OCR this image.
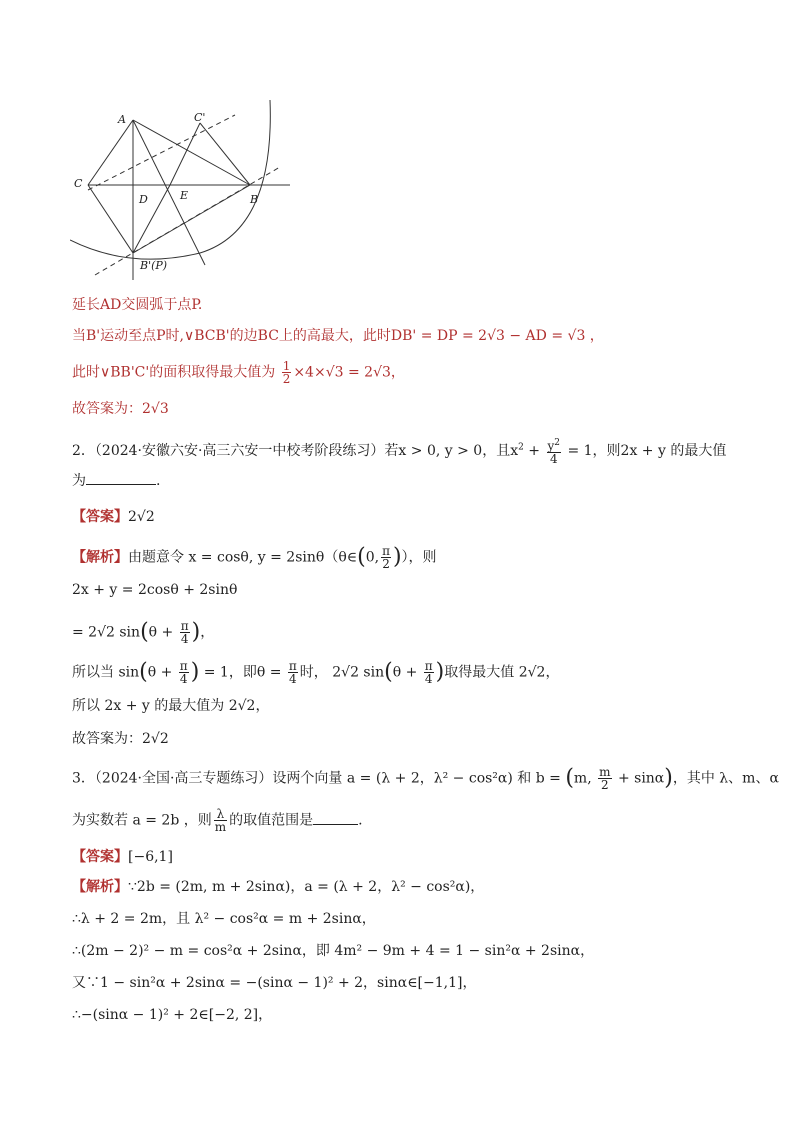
A	C'
C
D	E	B
B'(P)
延长AD交圆弧于点P.
当B'运动至点P时,∨BCB'的边BC上的高最大，此时DB' = DP = 2√3 − AD = √3 ，
此时∨BB'C'的面积取得最大值为 $\frac{1}{2} \times 4\times√3 = 2√3$，
故答案为：2√3
2．（2024·安徽六安·高三六安一中校考阶段练习）若x > 0, y > 0，且$x^2 + \frac{y^2}{4} = 1$，则2x + y 的最大值
为	.
【答案】2√2
【解析】由题意令 x = cosθ, y = 2sinθ（θ∈(0, $\frac{\pi}{2}$ )），则
2x + y = 2cosθ + 2sinθ
= 2√2 $\sin(\theta + \frac{\pi}{4}$ )，
所以当 $\sin(\theta + \frac{\pi}{4}$ ) = 1，即$\theta = \frac{\pi}{4}$ 时， 2√2 $\sin(\theta + \frac{\pi}{4}$ )取得最大值 2√2，
所以 2x + y 的最大值为 2√2，
故答案为：2√2
3．（2024·全国·高三专题练习）设两个向量 a = (λ + 2，λ² − cos²α) 和 b = (m, $\frac{m}{2} + \sin\alpha$)，其中 λ、m、α
为实数若 a = 2b ，则 $\frac{\lambda}{m}$ 的取值范围是	.
【答案】[−6,1]
【解析】∵2b = (2m, m + 2sinα)，a = (λ + 2，λ² − cos²α)，
∴λ + 2 = 2m，且 λ² − cos²α = m + 2sinα，
∴(2m − 2)² − m = cos²α + 2sinα，即 4m² − 9m + 4 = 1 − sin²α + 2sinα，
又∵1 − sin²α + 2sinα = −(sinα − 1)² + 2，sinα∈[−1,1]，
∴−(sinα − 1)² + 2∈[−2, 2]，
